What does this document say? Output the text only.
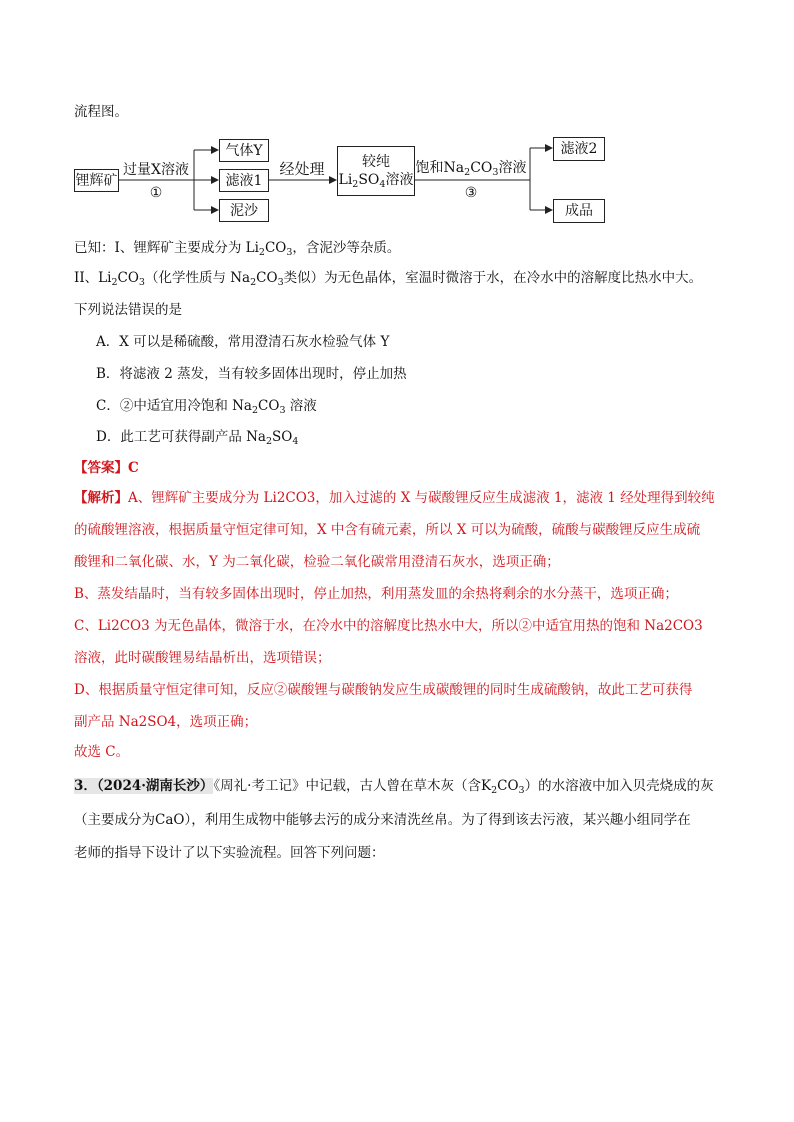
流程图。
锂辉矿
气体Y
滤液1
泥沙
较纯
$Li_2SO_4$溶液
滤液2
成品
过量X溶液
①
经处理	饱和$Na_2CO_3$溶液
③
已知：I、锂辉矿主要成分为 $Li_2CO_3$，含泥沙等杂质。
II、$Li_2CO_3$（化学性质与 $Na_2CO_3$类似）为无色晶体，室温时微溶于水，在冷水中的溶解度比热水中大。
下列说法错误的是
A．X 可以是稀硫酸，常用澄清石灰水检验气体 Y
B．将滤液 2 蒸发，当有较多固体出现时，停止加热
C．②中适宜用冷饱和 $Na_2CO_3$ 溶液
D．此工艺可获得副产品 $Na_2SO_4$
【答案】C
【解析】A、锂辉矿主要成分为 Li2CO3，加入过滤的 X 与碳酸锂反应生成滤液 1，滤液 1 经处理得到较纯
的硫酸锂溶液，根据质量守恒定律可知，X 中含有硫元素，所以 X 可以为硫酸，硫酸与碳酸锂反应生成硫
酸锂和二氧化碳、水，Y 为二氧化碳，检验二氧化碳常用澄清石灰水，选项正确；
B、蒸发结晶时，当有较多固体出现时，停止加热，利用蒸发皿的余热将剩余的水分蒸干，选项正确；
C、Li2CO3 为无色晶体，微溶于水，在冷水中的溶解度比热水中大，所以②中适宜用热的饱和 Na2CO3
溶液，此时碳酸锂易结晶析出，选项错误；
D、根据质量守恒定律可知，反应②碳酸锂与碳酸钠发应生成碳酸锂的同时生成硫酸钠，故此工艺可获得
副产品 Na2SO4，选项正确；
故选 C。
3．（2024·湖南长沙）《周礼·考工记》中记载，古人曾在草木灰（含$K_2CO_3$）的水溶液中加入贝壳烧成的灰
（主要成分为CaO），利用生成物中能够去污的成分来清洗丝帛。为了得到该去污液，某兴趣小组同学在
老师的指导下设计了以下实验流程。回答下列问题：
